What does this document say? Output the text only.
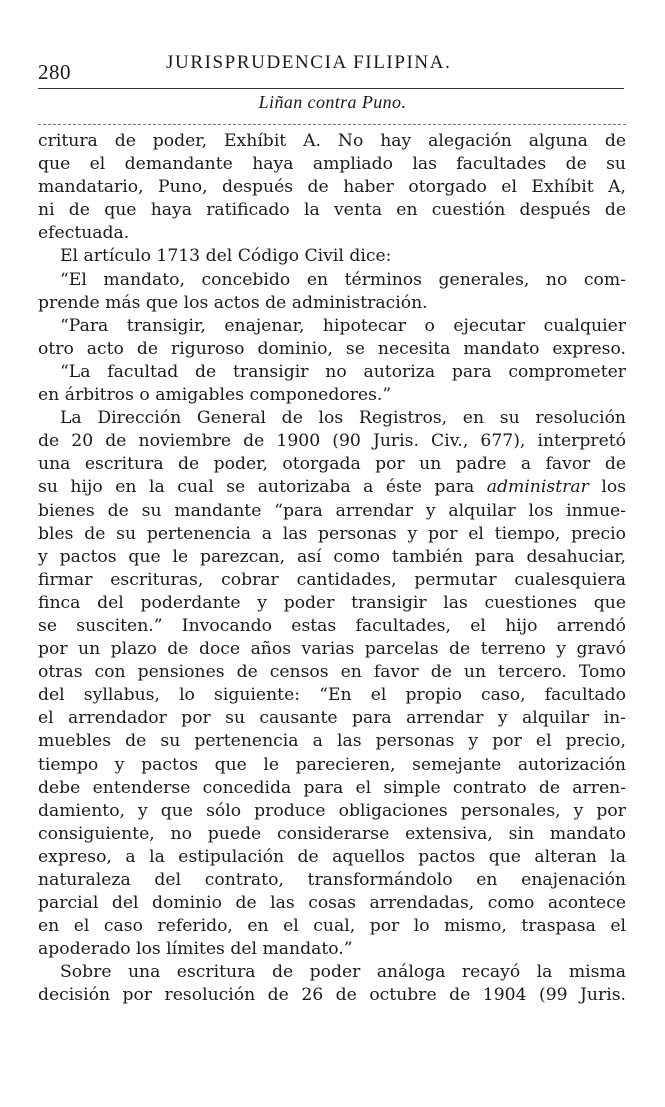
280	JURISPRUDENCIA FILIPINA.
Liñan contra Puno.
critura de poder, Exhíbit A. No hay alegación alguna de
que el demandante haya ampliado las facultades de su
mandatario, Puno, después de haber otorgado el Exhíbit A,
ni de que haya ratificado la venta en cuestión después de
efectuada.
El artículo 1713 del Código Civil dice:
“El mandato, concebido en términos generales, no com-
prende más que los actos de administración.
“Para transigir, enajenar, hipotecar o ejecutar cualquier
otro acto de riguroso dominio, se necesita mandato expreso.
“La facultad de transigir no autoriza para comprometer
en árbitros o amigables componedores.”
La Dirección General de los Registros, en su resolución
de 20 de noviembre de 1900 (90 Juris. Civ., 677), interpretó
una escritura de poder, otorgada por un padre a favor de
su hijo en la cual se autorizaba a éste para administrar los
bienes de su mandante “para arrendar y alquilar los inmue-
bles de su pertenencia a las personas y por el tiempo, precio
y pactos que le parezcan, así como también para desahuciar,
firmar escrituras, cobrar cantidades, permutar cualesquiera
finca del poderdante y poder transigir las cuestiones que
se susciten.” Invocando estas facultades, el hijo arrendó
por un plazo de doce años varias parcelas de terreno y gravó
otras con pensiones de censos en favor de un tercero. Tomo
del syllabus, lo siguiente: “En el propio caso, facultado
el arrendador por su causante para arrendar y alquilar in-
muebles de su pertenencia a las personas y por el precio,
tiempo y pactos que le parecieren, semejante autorización
debe entenderse concedida para el simple contrato de arren-
damiento, y que sólo produce obligaciones personales, y por
consiguiente, no puede considerarse extensiva, sin mandato
expreso, a la estipulación de aquellos pactos que alteran la
naturaleza del contrato, transformándolo en enajenación
parcial del dominio de las cosas arrendadas, como acontece
en el caso referido, en el cual, por lo mismo, traspasa el
apoderado los límites del mandato.”
Sobre una escritura de poder análoga recayó la misma
decisión por resolución de 26 de octubre de 1904 (99 Juris.
